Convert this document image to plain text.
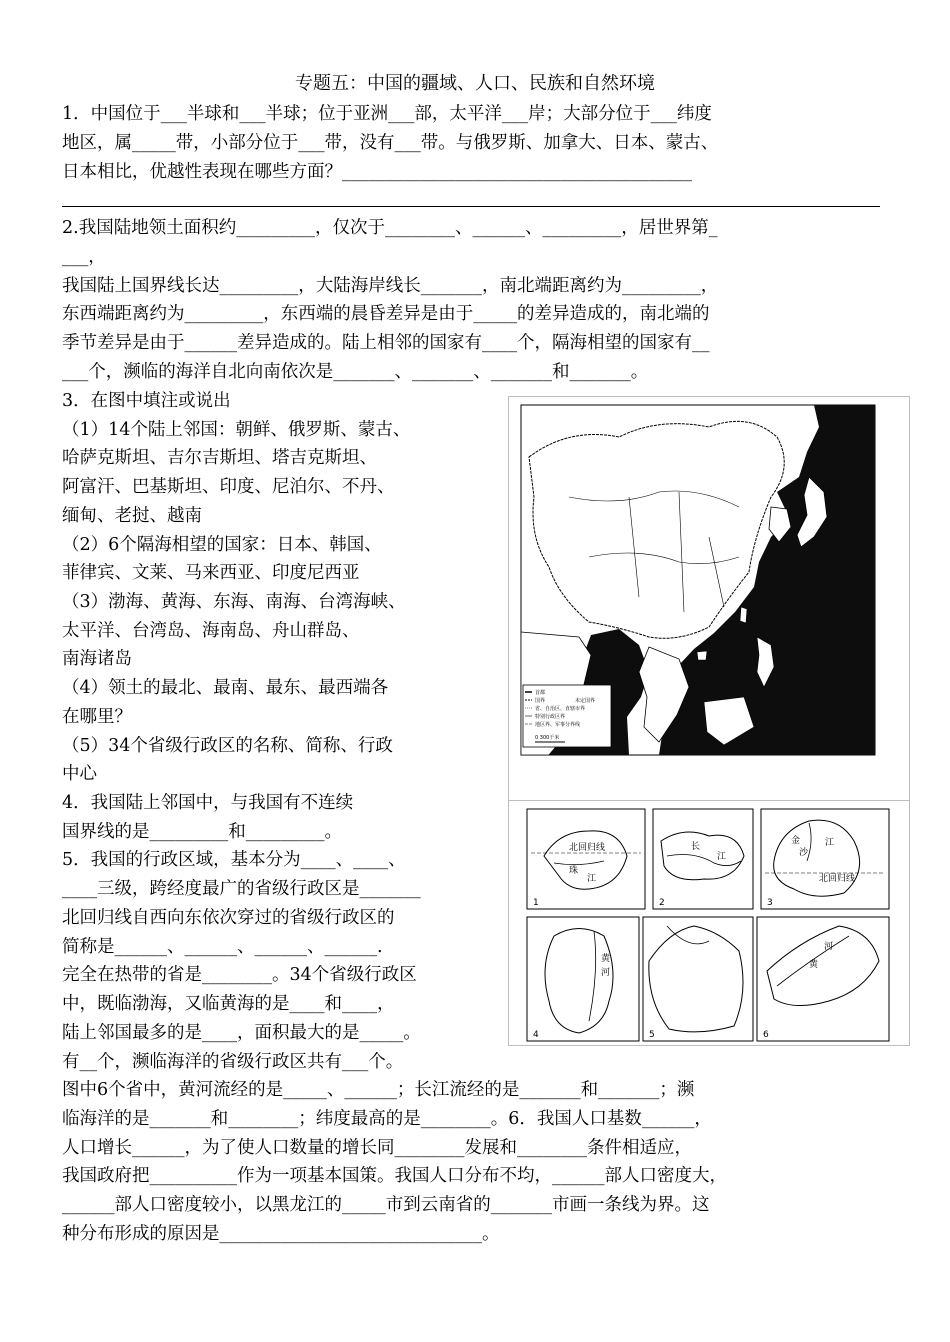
专题五：中国的疆域、人口、民族和自然环境
1．中国位于___半球和___半球；位于亚洲___部，太平洋___岸；大部分位于___纬度
地区，属_____带，小部分位于___带，没有___带。与俄罗斯、加拿大、日本、蒙古、
日本相比，优越性表现在哪些方面？________________________________________
2.我国陆地领土面积约_________，仅次于________、______、_________，居世界第_
___，
我国陆上国界线长达_________，大陆海岸线长_______，南北端距离约为_________，
东西端距离约为_________，东西端的晨昏差异是由于_____的差异造成的，南北端的
季节差异是由于______差异造成的。陆上相邻的国家有____个，隔海相望的国家有__
___个，濒临的海洋自北向南依次是_______、_______、_______和_______。
3．在图中填注或说出
（1）14个陆上邻国：朝鲜、俄罗斯、蒙古、
哈萨克斯坦、吉尔吉斯坦、塔吉克斯坦、
阿富汗、巴基斯坦、印度、尼泊尔、不丹、
缅甸、老挝、越南
（2）6个隔海相望的国家：日本、韩国、
菲律宾、文莱、马来西亚、印度尼西亚
（3）渤海、黄海、东海、南海、台湾海峡、
太平洋、台湾岛、海南岛、舟山群岛、
南海诸岛
（4）领土的最北、最南、最东、最西端各
在哪里？
（5）34个省级行政区的名称、简称、行政
中心
4．我国陆上邻国中，与我国有不连续
国界线的是_________和_________。
5．我国的行政区域，基本分为____、____、
____三级，跨经度最广的省级行政区是_______
北回归线自西向东依次穿过的省级行政区的
简称是______、______、______、______.
完全在热带的省是________。34个省级行政区
中，既临渤海，又临黄海的是____和____，
陆上邻国最多的是____，面积最大的是_____。
有__个，濒临海洋的省级行政区共有___个。
图中6个省中，黄河流经的是_____、______；长江流经的是_______和_______；濒
临海洋的是_______和________；纬度最高的是________。6．我国人口基数______，
人口增长______，为了使人口数量的增长同________发展和________条件相适应，
我国政府把__________作为一项基本国策。我国人口分布不均，______部人口密度大，
______部人口密度较小，以黑龙江的_____市到云南省的_______市画一条线为界。这
种分布形成的原因是______________________________。
首都
国界	未定国界
省、自治区、直辖市界
特别行政区界
地区界、军事分界线
0 300千米
1
北回归线
珠
江
2
长
江
3
金
沙
江
北回归线
4
黄
河
5	6
河
黄
